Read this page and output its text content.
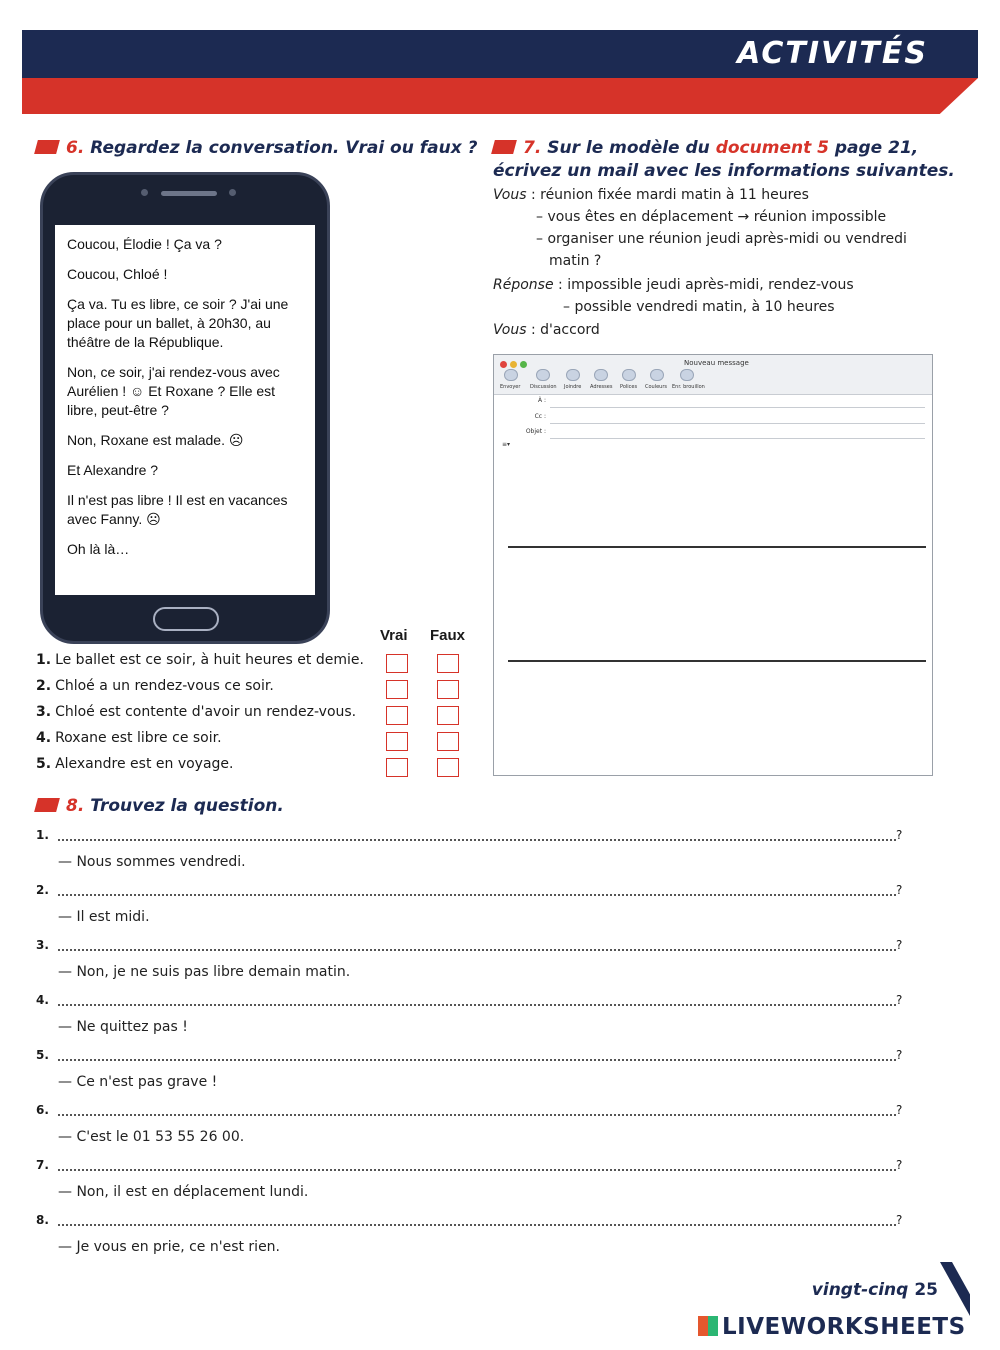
ACTIVITÉS
6. Regardez la conversation. Vrai ou faux ?
Coucou, Élodie ! Ça va ?
Coucou, Chloé !
Ça va. Tu es libre, ce soir ? J'ai une place pour un ballet, à 20h30, au théâtre de la République.
Non, ce soir, j'ai rendez-vous avec Aurélien ! ☺ Et Roxane ? Elle est libre, peut-être ?
Non, Roxane est malade. ☹
Et Alexandre ?
Il n'est pas libre ! Il est en vacances avec Fanny. ☹
Oh là là…
Vrai Faux
1. Le ballet est ce soir, à huit heures et demie.
2. Chloé a un rendez-vous ce soir.
3. Chloé est contente d'avoir un rendez-vous.
4. Roxane est libre ce soir.
5. Alexandre est en voyage.
7. Sur le modèle du document 5 page 21,
écrivez un mail avec les informations suivantes.
Vous : réunion fixée mardi matin à 11 heures
– vous êtes en déplacement → réunion impossible
– organiser une réunion jeudi après-midi ou vendredi
matin ?
Réponse : impossible jeudi après-midi, rendez-vous
– possible vendredi matin, à 10 heures
Vous : d'accord
Nouveau message
Envoyer Discussion Joindre Adresses Polices Couleurs Enr. brouillon
À :
Cc :
Objet :
≡▾
8. Trouvez la question.
1.	?
— Nous sommes vendredi.
2.	?
— Il est midi.
3.	?
— Non, je ne suis pas libre demain matin.
4.	?
— Ne quittez pas !
5.	?
— Ce n'est pas grave !
6.	?
— C'est le 01 53 55 26 00.
7.	?
— Non, il est en déplacement lundi.
8.	?
— Je vous en prie, ce n'est rien.
vingt-cinq 25
LIVEWORKSHEETS
